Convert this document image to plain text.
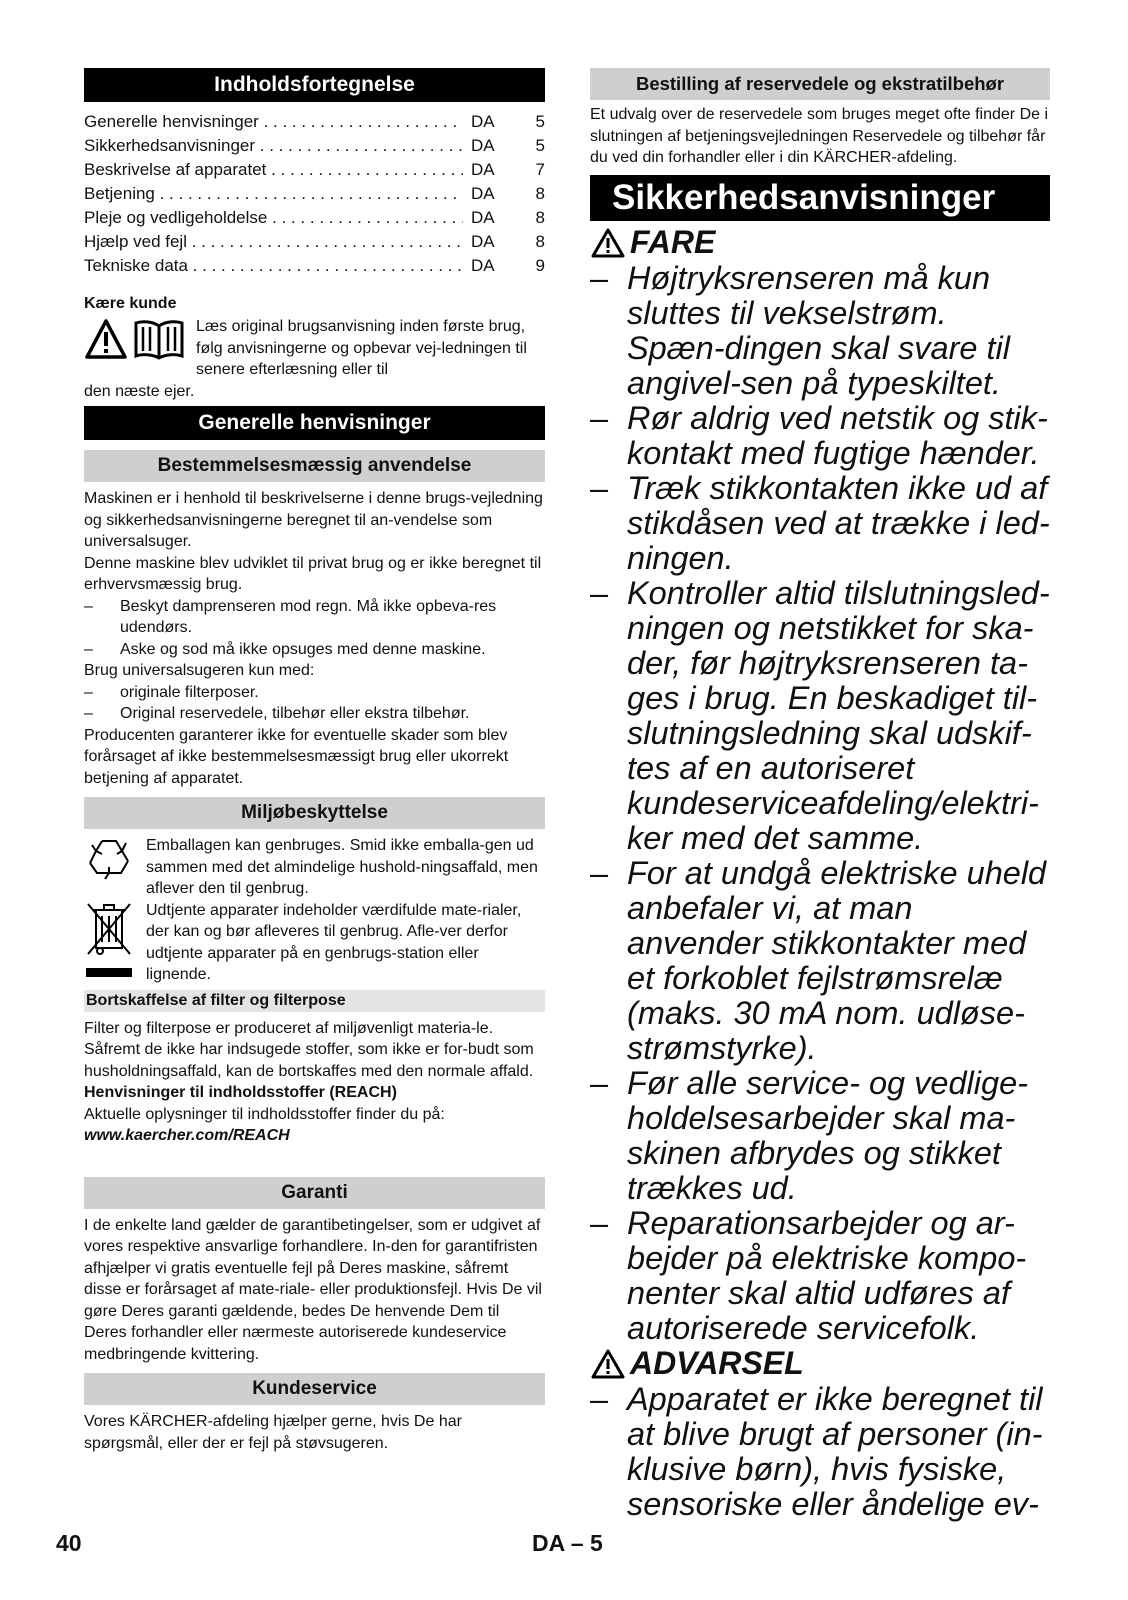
Indholdsfortegnelse
Generelle henvisninger . . .	DA	5
Sikkerhedsanvisninger . . .	DA	5
Beskrivelse af apparatet . . .	DA	7
Betjening . . .	DA	8
Pleje og vedligeholdelse . . .	DA	8
Hjælp ved fejl . . .	DA	8
Tekniske data . . .	DA	9
Kære kunde

Læs original brugsanvisning inden første brug, følg anvisningerne og opbevar vej-ledningen til senere efterlæsning eller til

den næste ejer.

Generelle henvisninger
Bestemmelsesmæssig anvendelse

Maskinen er i henhold til beskrivelserne i denne brugs-vejledning og sikkerhedsanvisningerne beregnet til an-vendelse som universalsuger.

Denne maskine blev udviklet til privat brug og er ikke beregnet til erhvervsmæssig brug.

–	Beskyt damprenseren mod regn. Må ikke opbeva-res udendørs.
–	Aske og sod må ikke opsuges med denne maskine.

Brug universalsugeren kun med:

–	originale filterposer.
–	Original reservedele, tilbehør eller ekstra tilbehør.

Producenten garanterer ikke for eventuelle skader som blev forårsaget af ikke bestemmelsesmæssigt brug eller ukorrekt betjening af apparatet.

Miljøbeskyttelse

Emballagen kan genbruges. Smid ikke emballa-gen ud sammen med det almindelige hushold-ningsaffald, men aflever den til genbrug.

Udtjente apparater indeholder værdifulde mate-rialer, der kan og bør afleveres til genbrug. Afle-ver derfor udtjente apparater på en genbrugs-station eller lignende.

Bortskaffelse af filter og filterpose

Filter og filterpose er produceret af miljøvenligt materia-le.

Såfremt de ikke har indsugede stoffer, som ikke er for-budt som husholdningsaffald, kan de bortskaffes med den normale affald.

Henvisninger til indholdsstoffer (REACH)

Aktuelle oplysninger til indholdsstoffer finder du på:

www.kaercher.com/REACH

Garanti

I de enkelte land gælder de garantibetingelser, som er udgivet af vores respektive ansvarlige forhandlere. In-den for garantifristen afhjælper vi gratis eventuelle fejl på Deres maskine, såfremt disse er forårsaget af mate-riale- eller produktionsfejl. Hvis De vil gøre Deres garanti gældende, bedes De henvende Dem til Deres forhandler eller nærmeste autoriserede kundeservice medbringende kvittering.

Kundeservice

Vores KÄRCHER-afdeling hjælper gerne, hvis De har spørgsmål, eller der er fejl på støvsugeren.

Bestilling af reservedele og ekstratilbehør

Et udvalg over de reservedele som bruges meget ofte finder De i slutningen af betjeningsvejledningen Reservedele og tilbehør får du ved din forhandler eller i din KÄRCHER-afdeling.

Sikkerhedsanvisninger
FARE
– Højtryksrenseren må kun sluttes til vekselstrøm. Spæn-dingen skal svare til angivel-sen på typeskiltet.
– Rør aldrig ved netstik og stik-kontakt med fugtige hænder.
– Træk stikkontakten ikke ud af stikdåsen ved at trække i led-ningen.
– Kontroller altid tilslutningsled-ningen og netstikket for ska-der, før højtryksrenseren ta-ges i brug. En beskadiget til-slutningsledning skal udskif-tes af en autoriseret kundeserviceafdeling/elektri-ker med det samme.
– For at undgå elektriske uheld anbefaler vi, at man anvender stikkontakter med et forkoblet fejlstrømsrelæ (maks. 30 mA nom. udløse-strømstyrke).
– Før alle service- og vedlige-holdelsesarbejder skal ma-skinen afbrydes og stikket trækkes ud.
– Reparationsarbejder og ar-bejder på elektriske kompo-nenter skal altid udføres af autoriserede servicefolk.
ADVARSEL
– Apparatet er ikke beregnet til at blive brugt af personer (in-klusive børn), hvis fysiske, sensoriske eller åndelige ev-
40	DA – 5
